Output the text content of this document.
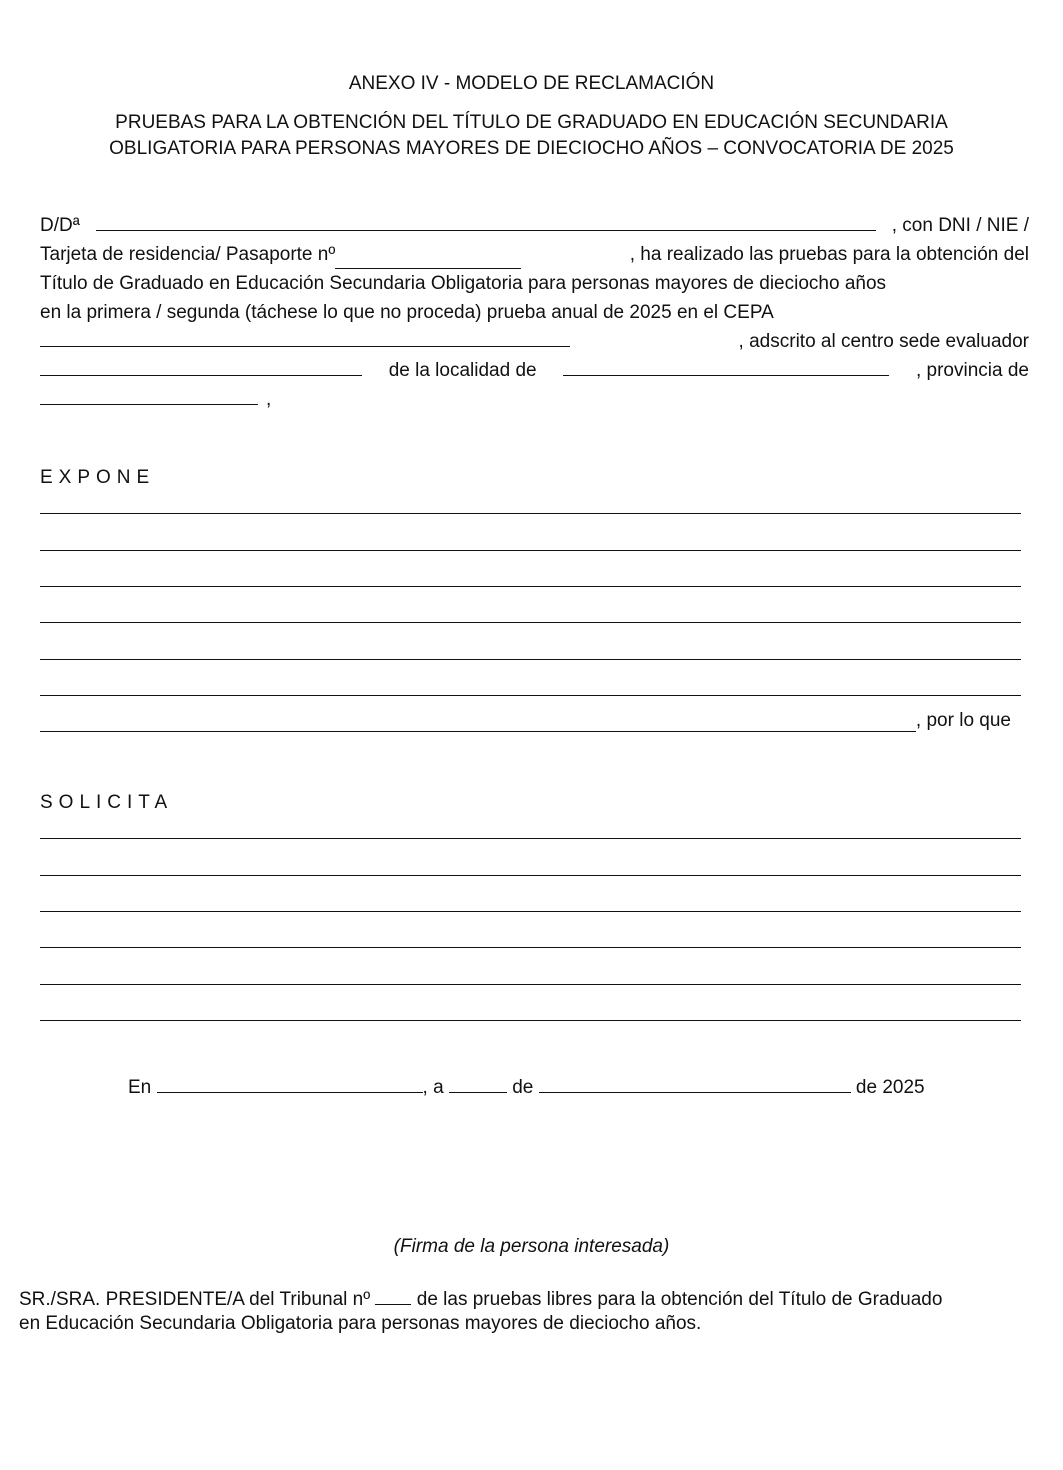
ANEXO IV - MODELO DE RECLAMACIÓN
PRUEBAS PARA LA OBTENCIÓN DEL TÍTULO DE GRADUADO EN EDUCACIÓN SECUNDARIA
OBLIGATORIA PARA PERSONAS MAYORES DE DIECIOCHO AÑOS – CONVOCATORIA DE 2025
D/Dª	, con DNI / NIE /
Tarjeta de residencia/ Pasaporte nº	, ha realizado las pruebas para la obtención del
Título de Graduado en Educación Secundaria Obligatoria para personas mayores de dieciocho años
en la primera / segunda (táchese lo que no proceda) prueba anual de 2025 en el CEPA
, adscrito al centro sede evaluador
de la localidad de	, provincia de
,
EXPONE
, por lo que
SOLICITA
En	, a	de	de 2025
(Firma de la persona interesada)
SR./SRA. PRESIDENTE/A del Tribunal nº de las pruebas libres para la obtención del Título de Graduado
en Educación Secundaria Obligatoria para personas mayores de dieciocho años.
